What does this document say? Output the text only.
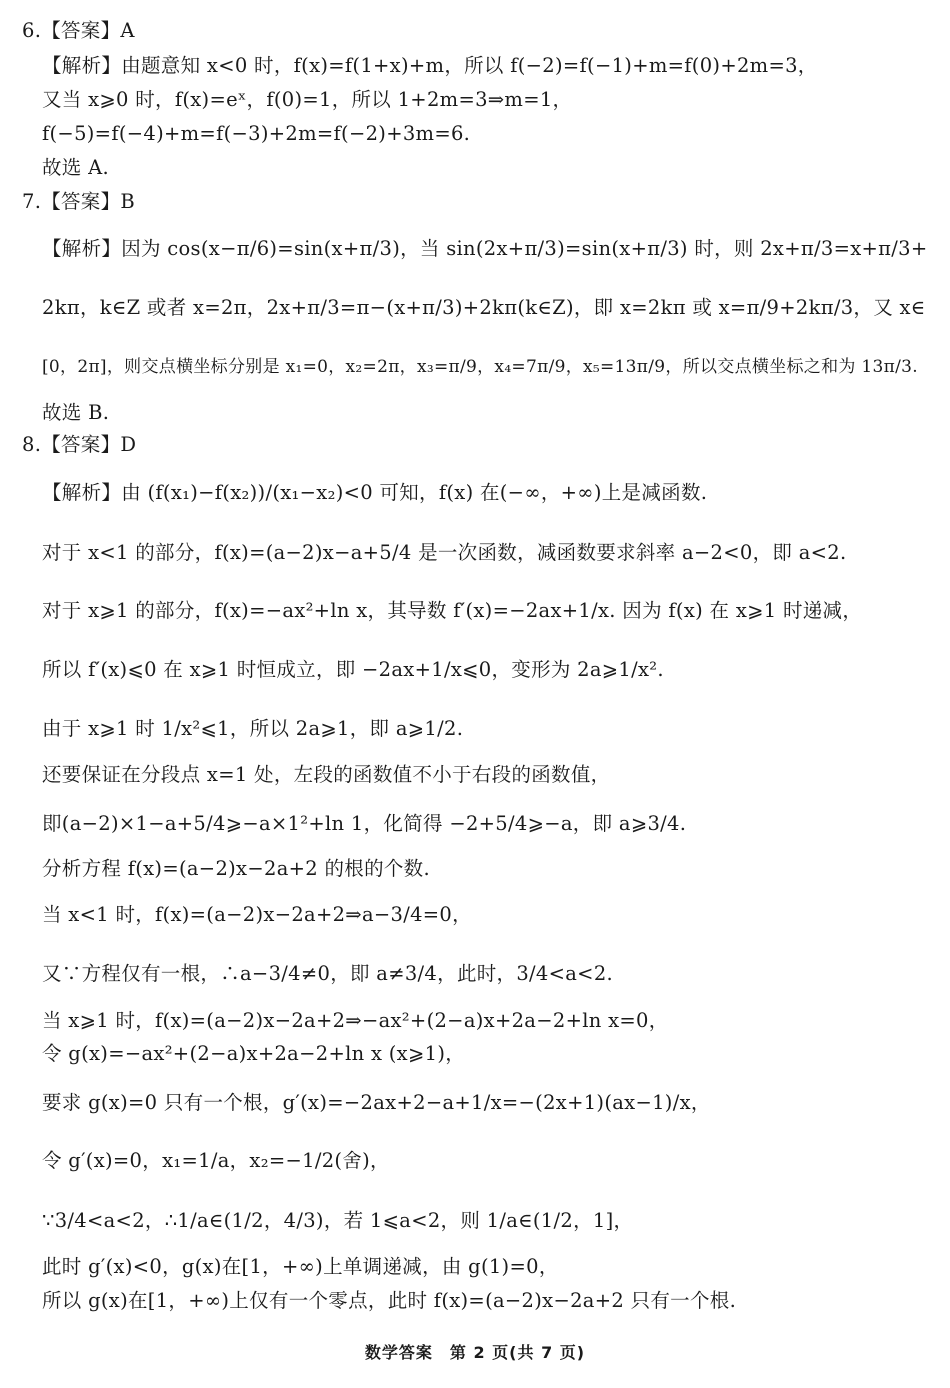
6.【答案】A
【解析】由题意知 x<0 时，f(x)=f(1+x)+m，所以 f(−2)=f(−1)+m=f(0)+2m=3，
又当 x⩾0 时，f(x)=eˣ，f(0)=1，所以 1+2m=3⇒m=1，
f(−5)=f(−4)+m=f(−3)+2m=f(−2)+3m=6.
故选 A.
7.【答案】B
【解析】因为 cos(x−π/6)=sin(x+π/3)，当 sin(2x+π/3)=sin(x+π/3) 时，则 2x+π/3=x+π/3+
2kπ，k∈Z 或者 x=2π，2x+π/3=π−(x+π/3)+2kπ(k∈Z)，即 x=2kπ 或 x=π/9+2kπ/3，又 x∈
[0，2π]，则交点横坐标分别是 x₁=0，x₂=2π，x₃=π/9，x₄=7π/9，x₅=13π/9，所以交点横坐标之和为 13π/3.
故选 B.
8.【答案】D
【解析】由 (f(x₁)−f(x₂))/(x₁−x₂)<0 可知，f(x) 在(−∞，+∞)上是减函数.
对于 x<1 的部分，f(x)=(a−2)x−a+5/4 是一次函数，减函数要求斜率 a−2<0，即 a<2.
对于 x⩾1 的部分，f(x)=−ax²+ln x，其导数 f′(x)=−2ax+1/x. 因为 f(x) 在 x⩾1 时递减，
所以 f′(x)⩽0 在 x⩾1 时恒成立，即 −2ax+1/x⩽0，变形为 2a⩾1/x².
由于 x⩾1 时 1/x²⩽1，所以 2a⩾1，即 a⩾1/2.
还要保证在分段点 x=1 处，左段的函数值不小于右段的函数值，
即(a−2)×1−a+5/4⩾−a×1²+ln 1，化简得 −2+5/4⩾−a，即 a⩾3/4.
分析方程 f(x)=(a−2)x−2a+2 的根的个数.
当 x<1 时，f(x)=(a−2)x−2a+2⇒a−3/4=0，
又∵方程仅有一根，∴a−3/4≠0，即 a≠3/4，此时，3/4<a<2.
当 x⩾1 时，f(x)=(a−2)x−2a+2⇒−ax²+(2−a)x+2a−2+ln x=0，
令 g(x)=−ax²+(2−a)x+2a−2+ln x (x⩾1)，
要求 g(x)=0 只有一个根，g′(x)=−2ax+2−a+1/x=−(2x+1)(ax−1)/x，
令 g′(x)=0，x₁=1/a，x₂=−1/2(舍)，
∵3/4<a<2，∴1/a∈(1/2，4/3)，若 1⩽a<2，则 1/a∈(1/2，1]，
此时 g′(x)<0，g(x)在[1，+∞)上单调递减，由 g(1)=0，
所以 g(x)在[1，+∞)上仅有一个零点，此时 f(x)=(a−2)x−2a+2 只有一个根.
数学答案　第 2 页(共 7 页)
